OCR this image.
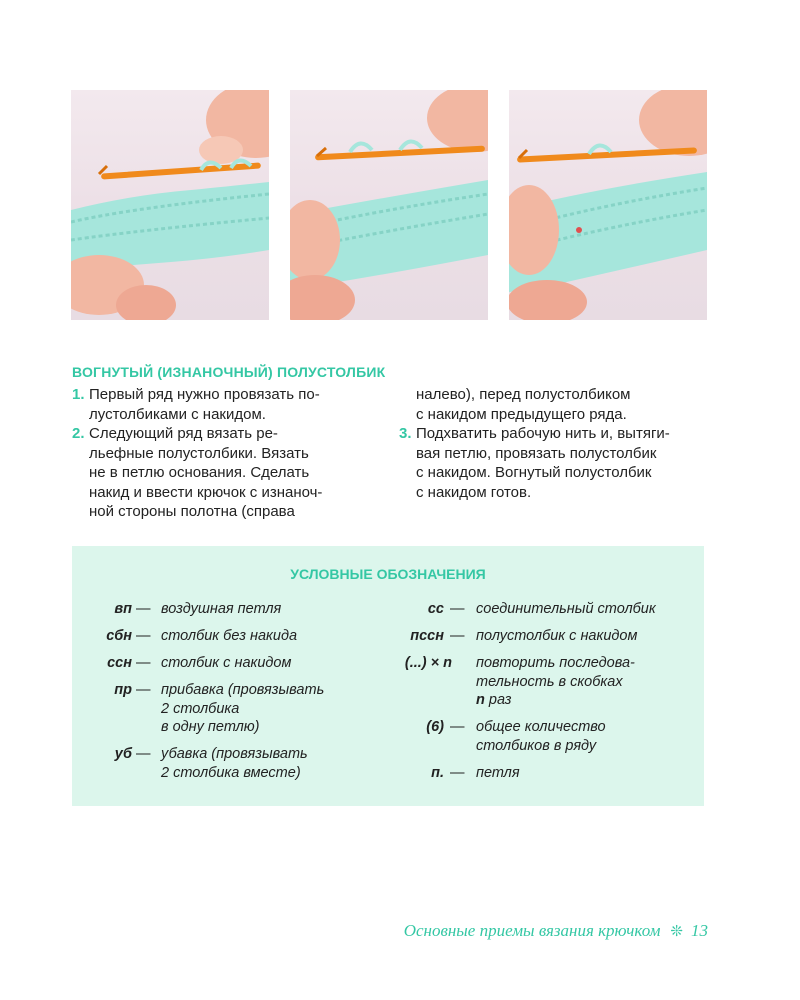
ВОГНУТЫЙ (ИЗНАНОЧНЫЙ) ПОЛУСТОЛБИК
1. Первый ряд нужно провязать по-
лустолбиками с накидом.
2. Следующий ряд вязать ре-
льефные полустолбики. Вязать
не в петлю основания. Сделать
накид и ввести крючок с изнаноч-
ной стороны полотна (справа
налево), перед полустолбиком
с накидом предыдущего ряда.
3. Подхватить рабочую нить и, вытяги-
вая петлю, провязать полустолбик
с накидом. Вогнутый полустолбик
с накидом готов.
УСЛОВНЫЕ ОБОЗНАЧЕНИЯ
вп — воздушная петля
сбн — столбик без накида
ссн — столбик с накидом
пр — прибавка (провязывать
2 столбика
в одну петлю)
уб — убавка (провязывать
2 столбика вместе)
сс — соединительный столбик
пссн — полустолбик с накидом
(...) × n повторить последова-
тельность в скобках
n раз
(6) — общее количество
столбиков в ряду
п. — петля
Основные приемы вязания крючком ❊ 13
